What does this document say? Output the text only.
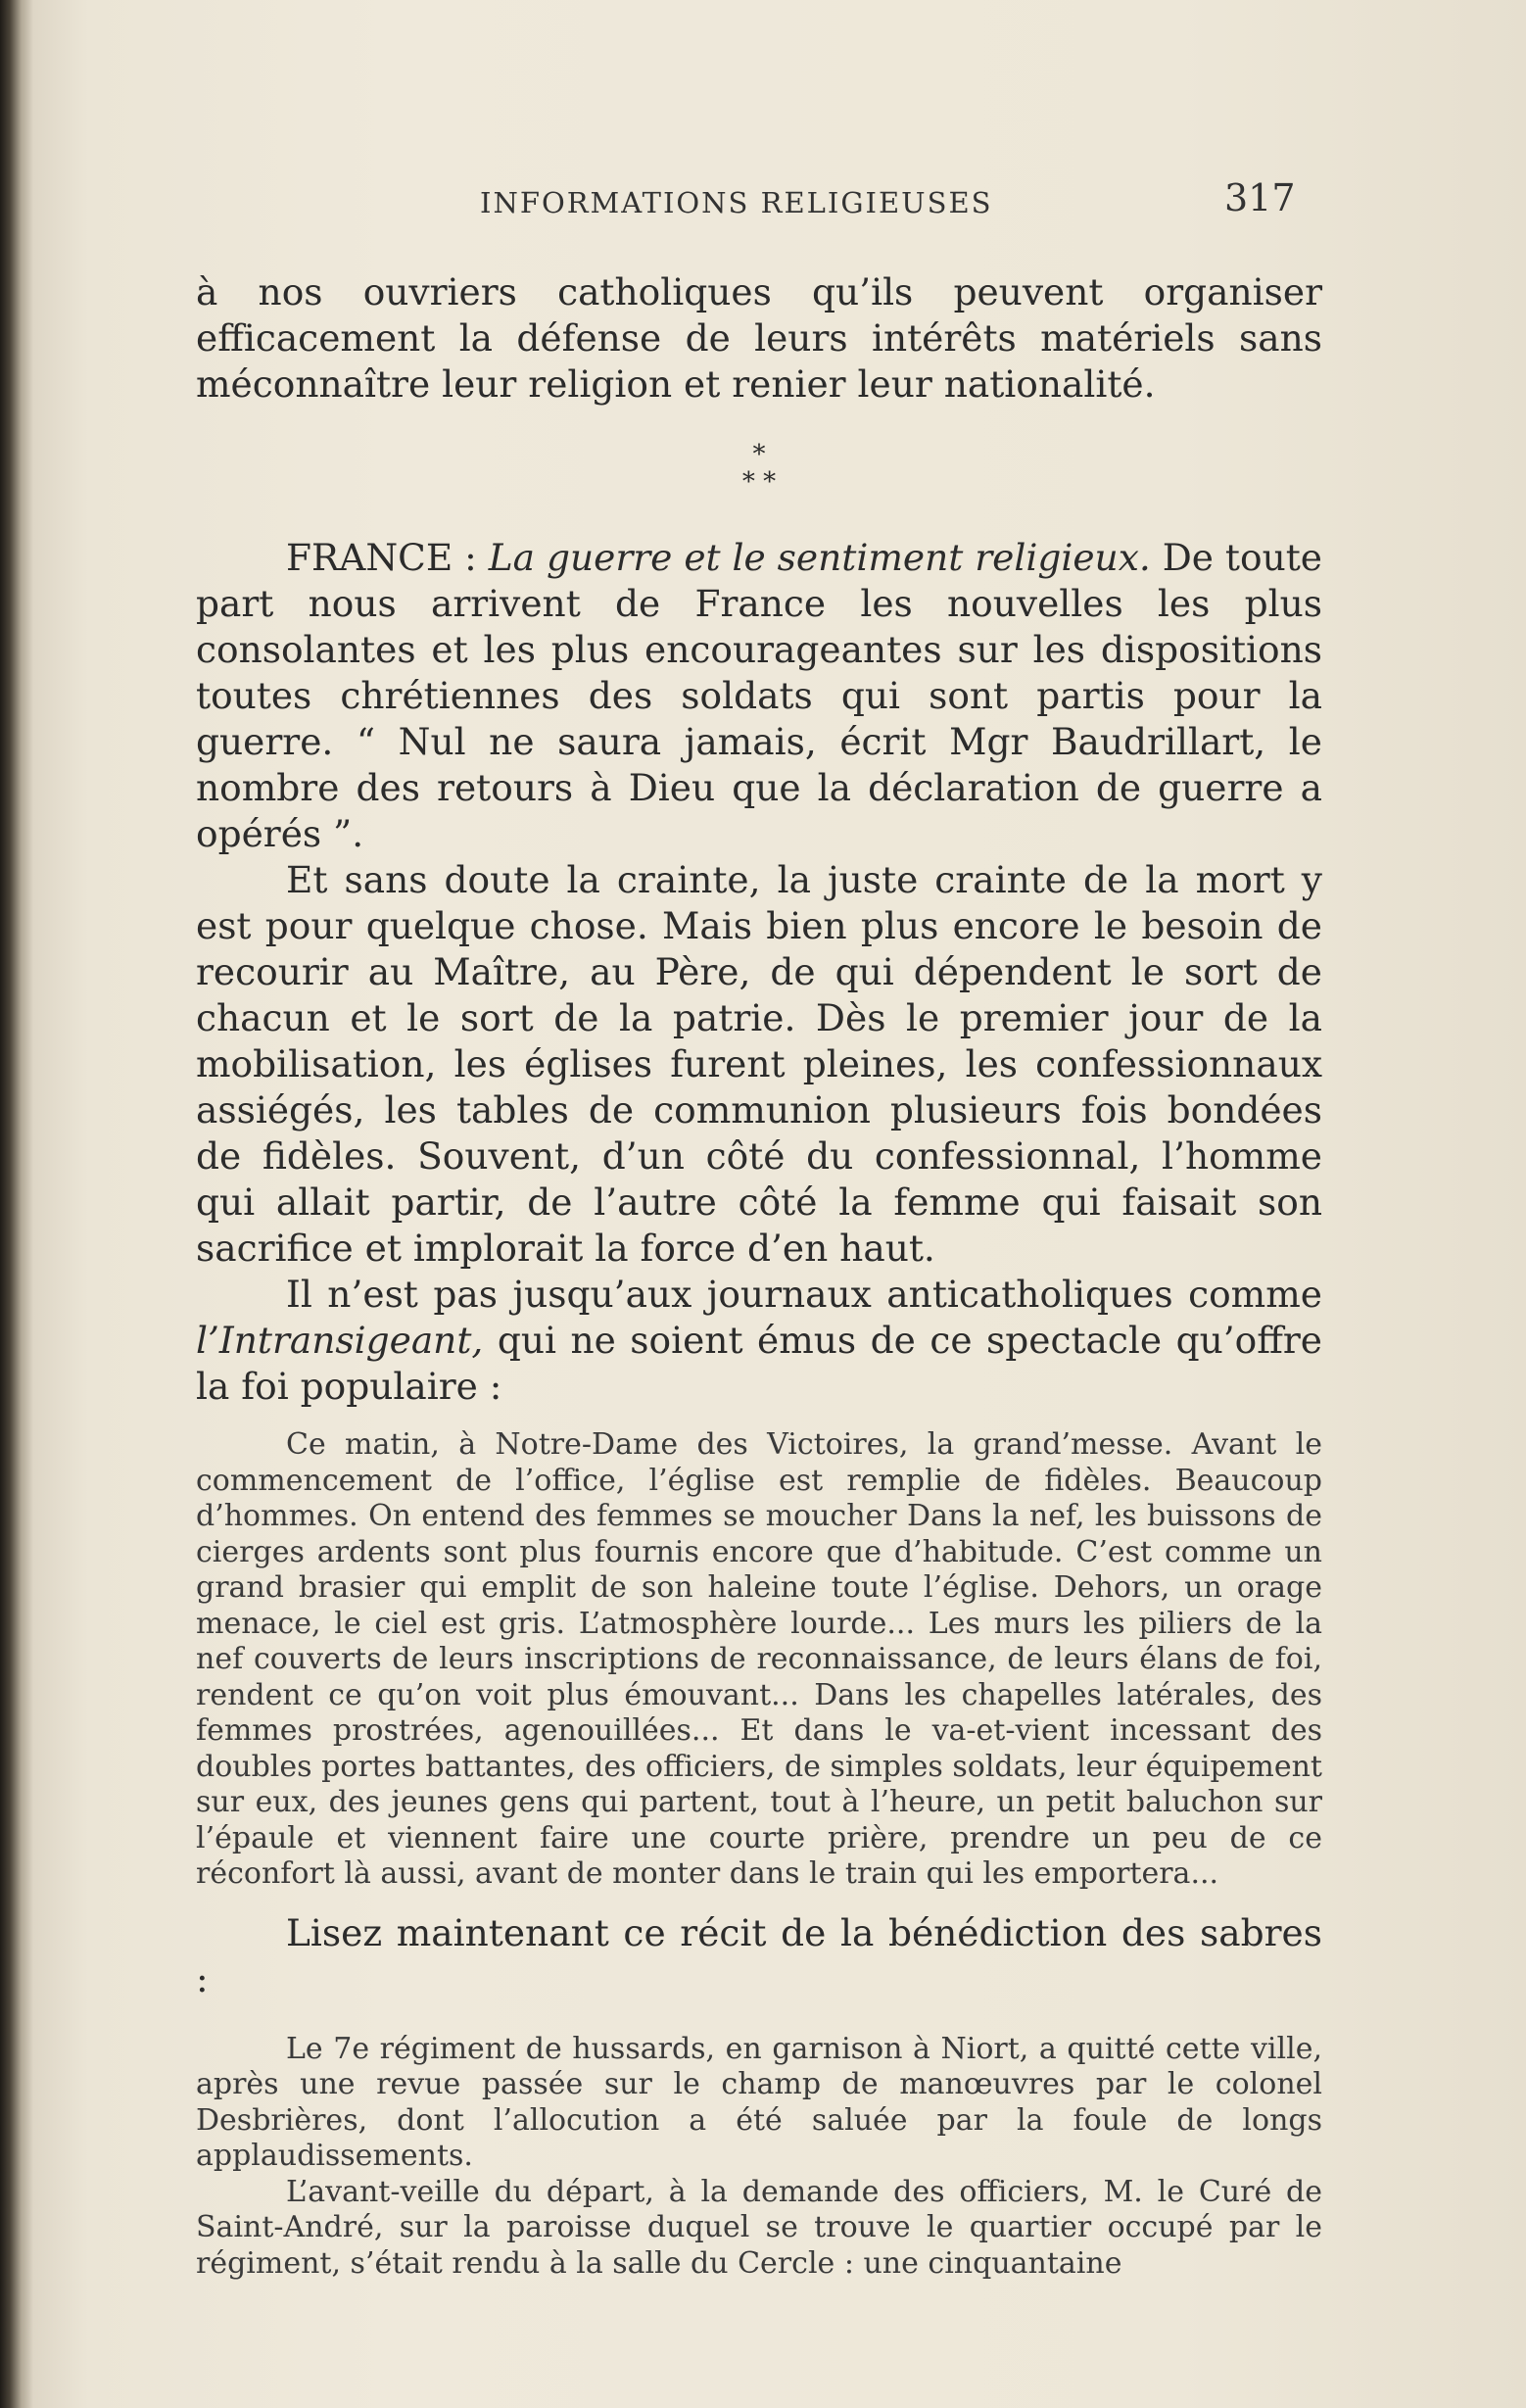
INFORMATIONS RELIGIEUSES	317

à nos ouvriers catholiques qu’ils peuvent organiser efficacement la défense de leurs intérêts matériels sans méconnaître leur religion et renier leur nationalité.

*
* *

FRANCE : La guerre et le sentiment religieux. De toute part nous arrivent de France les nouvelles les plus consolantes et les plus encourageantes sur les dispositions toutes chrétiennes des soldats qui sont partis pour la guerre. “ Nul ne saura jamais, écrit Mgr Baudrillart, le nombre des retours à Dieu que la déclaration de guerre a opérés ”.

Et sans doute la crainte, la juste crainte de la mort y est pour quelque chose. Mais bien plus encore le besoin de recourir au Maître, au Père, de qui dépendent le sort de chacun et le sort de la patrie. Dès le premier jour de la mobilisation, les églises furent pleines, les confessionnaux assiégés, les tables de communion plusieurs fois bondées de fidèles. Souvent, d’un côté du confessionnal, l’homme qui allait partir, de l’autre côté la femme qui faisait son sacrifice et implorait la force d’en haut.

Il n’est pas jusqu’aux journaux anticatholiques comme l’Intransigeant, qui ne soient émus de ce spectacle qu’offre la foi populaire :

Ce matin, à Notre-Dame des Victoires, la grand’messe. Avant le commencement de l’office, l’église est remplie de fidèles. Beaucoup d’hommes. On entend des femmes se moucher Dans la nef, les buissons de cierges ardents sont plus fournis encore que d’habitude. C’est comme un grand brasier qui emplit de son haleine toute l’église. Dehors, un orage menace, le ciel est gris. L’atmosphère lourde... Les murs les piliers de la nef couverts de leurs inscriptions de reconnaissance, de leurs élans de foi, rendent ce qu’on voit plus émouvant... Dans les chapelles latérales, des femmes prostrées, agenouillées... Et dans le va-et-vient incessant des doubles portes battantes, des officiers, de simples soldats, leur équipement sur eux, des jeunes gens qui partent, tout à l’heure, un petit baluchon sur l’épaule et viennent faire une courte prière, prendre un peu de ce réconfort là aussi, avant de monter dans le train qui les emportera...

Lisez maintenant ce récit de la bénédiction des sabres :

Le 7e régiment de hussards, en garnison à Niort, a quitté cette ville, après une revue passée sur le champ de manœuvres par le colonel Desbrières, dont l’allocution a été saluée par la foule de longs applaudissements.

L’avant-veille du départ, à la demande des officiers, M. le Curé de Saint-André, sur la paroisse duquel se trouve le quartier occupé par le régiment, s’était rendu à la salle du Cercle : une cinquantaine
